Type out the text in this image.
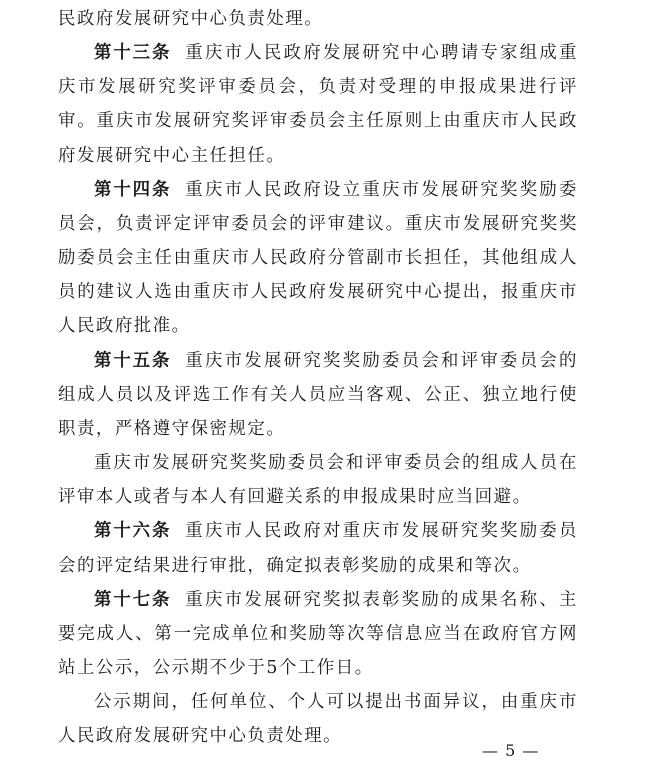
民政府发展研究中心负责处理。

第十三条 重庆市人民政府发展研究中心聘请专家组成重庆市发展研究奖评审委员会，负责对受理的申报成果进行评审。重庆市发展研究奖评审委员会主任原则上由重庆市人民政府发展研究中心主任担任。

第十四条 重庆市人民政府设立重庆市发展研究奖奖励委员会，负责评定评审委员会的评审建议。重庆市发展研究奖奖励委员会主任由重庆市人民政府分管副市长担任，其他组成人员的建议人选由重庆市人民政府发展研究中心提出，报重庆市人民政府批准。

第十五条 重庆市发展研究奖奖励委员会和评审委员会的组成人员以及评选工作有关人员应当客观、公正、独立地行使职责，严格遵守保密规定。

重庆市发展研究奖奖励委员会和评审委员会的组成人员在评审本人或者与本人有回避关系的申报成果时应当回避。

第十六条 重庆市人民政府对重庆市发展研究奖奖励委员会的评定结果进行审批，确定拟表彰奖励的成果和等次。

第十七条 重庆市发展研究奖拟表彰奖励的成果名称、主要完成人、第一完成单位和奖励等次等信息应当在政府官方网站上公示，公示期不少于5个工作日。

公示期间，任何单位、个人可以提出书面异议，由重庆市人民政府发展研究中心负责处理。

— 5 —
